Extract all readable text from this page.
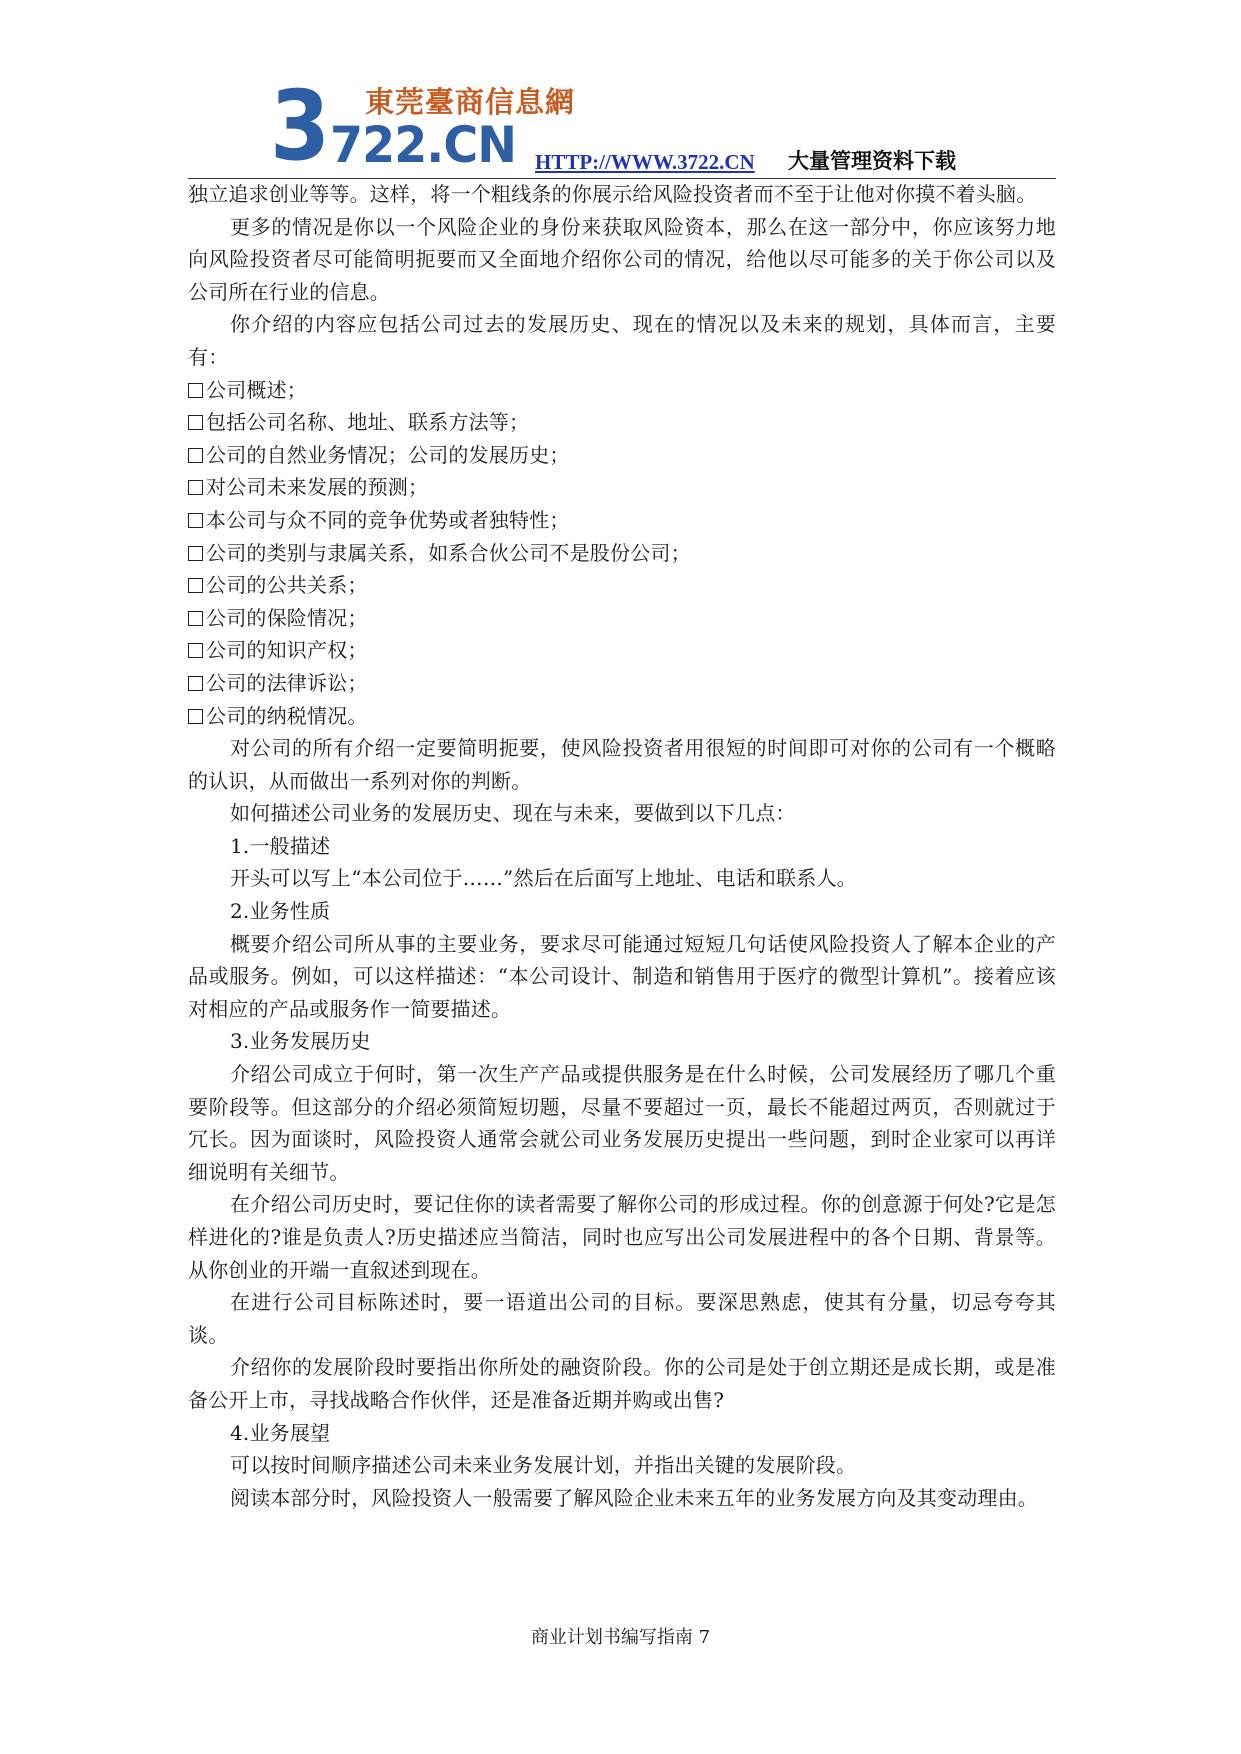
3 東莞臺商信息網
722.CN HTTP://WWW.3722.CN 大量管理资料下载

独立追求创业等等。这样，将一个粗线条的你展示给风险投资者而不至于让他对你摸不着头脑。

更多的情况是你以一个风险企业的身份来获取风险资本，那么在这一部分中，你应该努力地向风险投资者尽可能简明扼要而又全面地介绍你公司的情况，给他以尽可能多的关于你公司以及公司所在行业的信息。

你介绍的内容应包括公司过去的发展历史、现在的情况以及未来的规划，具体而言，主要有：

公司概述；

包括公司名称、地址、联系方法等；

公司的自然业务情况；公司的发展历史；

对公司未来发展的预测；

本公司与众不同的竞争优势或者独特性；

公司的类别与隶属关系，如系合伙公司不是股份公司；

公司的公共关系；

公司的保险情况；

公司的知识产权；

公司的法律诉讼；

公司的纳税情况。

对公司的所有介绍一定要简明扼要，使风险投资者用很短的时间即可对你的公司有一个概略的认识，从而做出一系列对你的判断。

如何描述公司业务的发展历史、现在与未来，要做到以下几点：

1.一般描述

开头可以写上“本公司位于……”然后在后面写上地址、电话和联系人。

2.业务性质

概要介绍公司所从事的主要业务，要求尽可能通过短短几句话使风险投资人了解本企业的产品或服务。例如，可以这样描述：“本公司设计、制造和销售用于医疗的微型计算机”。接着应该对相应的产品或服务作一简要描述。

3.业务发展历史

介绍公司成立于何时，第一次生产产品或提供服务是在什么时候，公司发展经历了哪几个重要阶段等。但这部分的介绍必须简短切题，尽量不要超过一页，最长不能超过两页，否则就过于冗长。因为面谈时，风险投资人通常会就公司业务发展历史提出一些问题，到时企业家可以再详细说明有关细节。

在介绍公司历史时，要记住你的读者需要了解你公司的形成过程。你的创意源于何处?它是怎样进化的?谁是负责人?历史描述应当简洁，同时也应写出公司发展进程中的各个日期、背景等。从你创业的开端一直叙述到现在。

在进行公司目标陈述时，要一语道出公司的目标。要深思熟虑，使其有分量，切忌夸夸其谈。

介绍你的发展阶段时要指出你所处的融资阶段。你的公司是处于创立期还是成长期，或是准备公开上市，寻找战略合作伙伴，还是准备近期并购或出售?

4.业务展望

可以按时间顺序描述公司未来业务发展计划，并指出关键的发展阶段。

阅读本部分时，风险投资人一般需要了解风险企业未来五年的业务发展方向及其变动理由。

商业计划书编写指南 7
